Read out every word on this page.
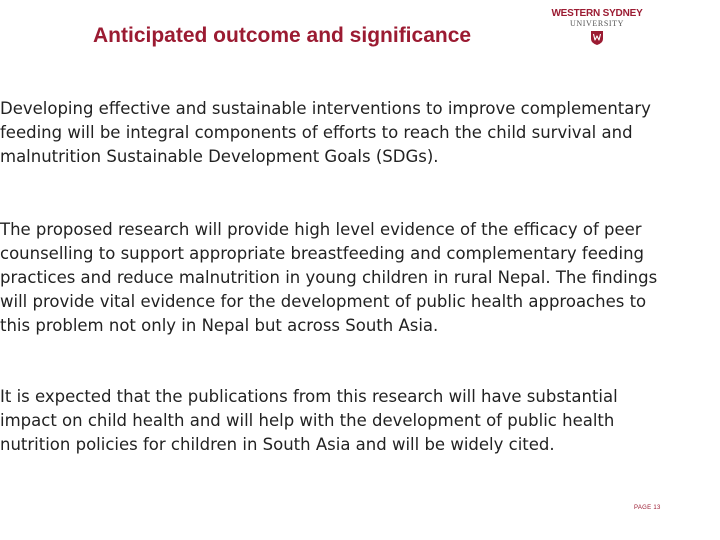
Anticipated outcome and significance
WESTERN SYDNEY
UNIVERSITY

Developing effective and sustainable interventions to improve complementary feeding will be integral components of efforts to reach the child survival and malnutrition Sustainable Development Goals (SDGs).

The proposed research will provide high level evidence of the efficacy of peer counselling to support appropriate breastfeeding and complementary feeding practices and reduce malnutrition in young children in rural Nepal. The findings will provide vital evidence for the development of public health approaches to this problem not only in Nepal but across South Asia.

It is expected that the publications from this research will have substantial impact on child health and will help with the development of public health nutrition policies for children in South Asia and will be widely cited.

PAGE 13
